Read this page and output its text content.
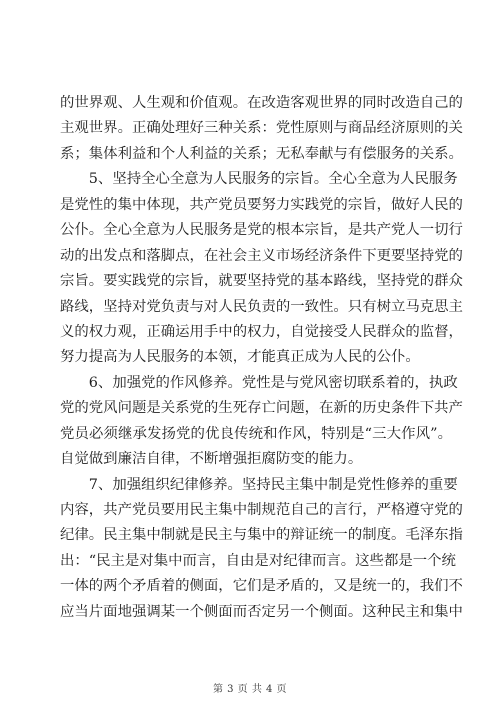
的世界观、人生观和价值观。在改造客观世界的同时改造自己的
主观世界。正确处理好三种关系：党性原则与商品经济原则的关
系；集体利益和个人利益的关系；无私奉献与有偿服务的关系。
　　5、坚持全心全意为人民服务的宗旨。全心全意为人民服务
是党性的集中体现，共产党员要努力实践党的宗旨，做好人民的
公仆。全心全意为人民服务是党的根本宗旨，是共产党人一切行
动的出发点和落脚点，在社会主义市场经济条件下更要坚持党的
宗旨。要实践党的宗旨，就要坚持党的基本路线，坚持党的群众
路线，坚持对党负责与对人民负责的一致性。只有树立马克思主
义的权力观，正确运用手中的权力，自觉接受人民群众的监督，
努力提高为人民服务的本领，才能真正成为人民的公仆。
　　6、加强党的作风修养。党性是与党风密切联系着的，执政
党的党风问题是关系党的生死存亡问题，在新的历史条件下共产
党员必须继承发扬党的优良传统和作风，特别是“三大作风”。
自觉做到廉洁自律，不断增强拒腐防变的能力。
　　7、加强组织纪律修养。坚持民主集中制是党性修养的重要
内容，共产党员要用民主集中制规范自己的言行，严格遵守党的
纪律。民主集中制就是民主与集中的辩证统一的制度。毛泽东指
出：“民主是对集中而言，自由是对纪律而言。这些都是一个统
一体的两个矛盾着的侧面，它们是矛盾的，又是统一的，我们不
应当片面地强调某一个侧面而否定另一个侧面。这种民主和集中
第 3 页 共 4 页
